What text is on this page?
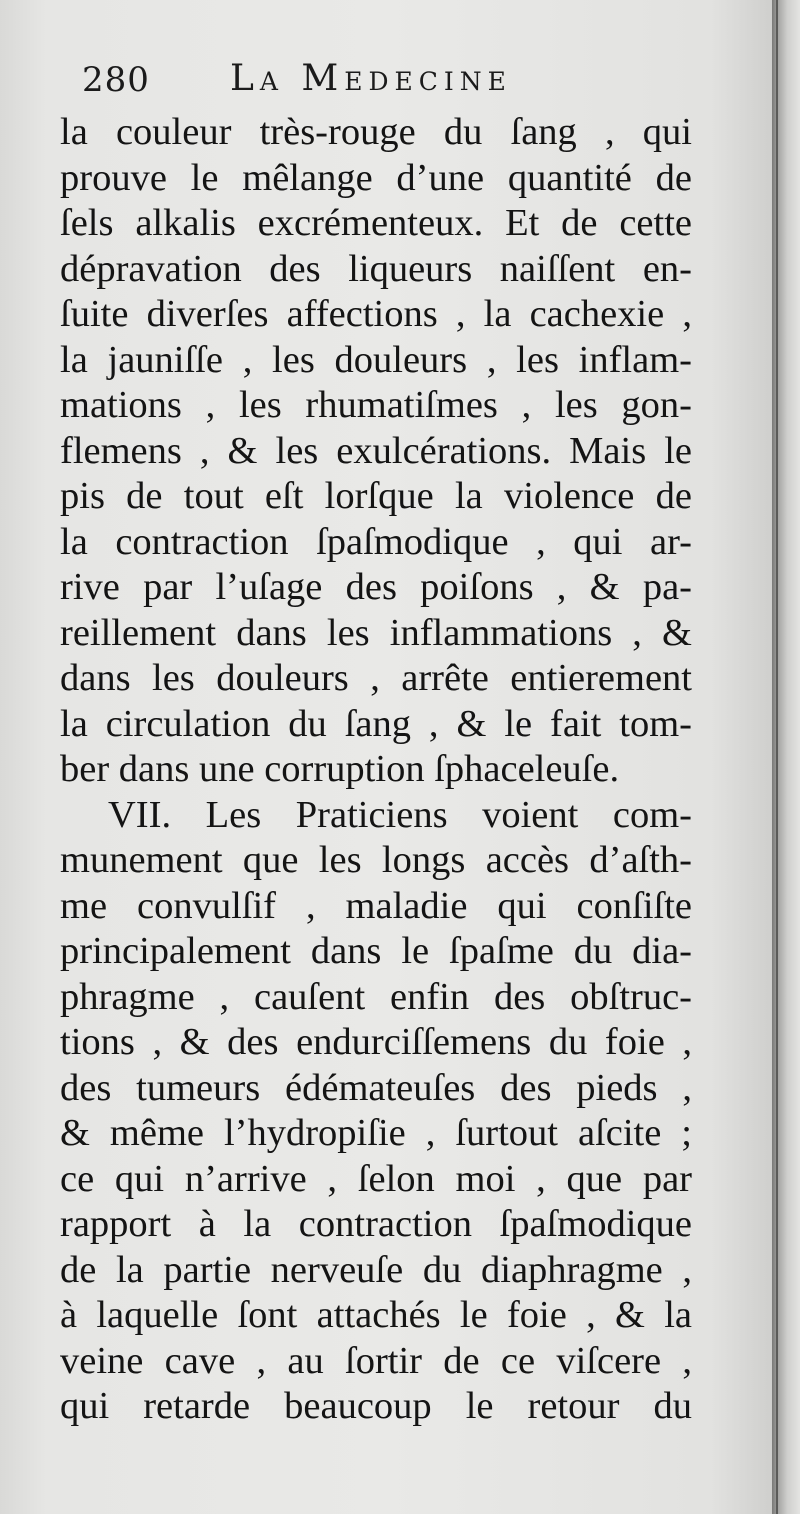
280 La Medecine
la couleur très-rouge du ſang , qui
prouve le mêlange d’une quantité de
ſels alkalis excrémenteux. Et de cette
dépravation des liqueurs naiſſent en-
ſuite diverſes affections , la cachexie ,
la jauniſſe , les douleurs , les inflam-
mations , les rhumatiſmes , les gon-
flemens , & les exulcérations. Mais le
pis de tout eſt lorſque la violence de
la contraction ſpaſmodique , qui ar-
rive par l’uſage des poiſons , & pa-
reillement dans les inflammations , &
dans les douleurs , arrête entierement
la circulation du ſang , & le fait tom-
ber dans une corruption ſphaceleuſe.
VII. Les Praticiens voient com-
munement que les longs accès d’aſth-
me convulſif , maladie qui conſiſte
principalement dans le ſpaſme du dia-
phragme , cauſent enfin des obſtruc-
tions , & des endurciſſemens du foie ,
des tumeurs édémateuſes des pieds ,
& même l’hydropiſie , ſurtout aſcite ;
ce qui n’arrive , ſelon moi , que par
rapport à la contraction ſpaſmodique
de la partie nerveuſe du diaphragme ,
à laquelle ſont attachés le foie , & la
veine cave , au ſortir de ce viſcere ,
qui retarde beaucoup le retour du
